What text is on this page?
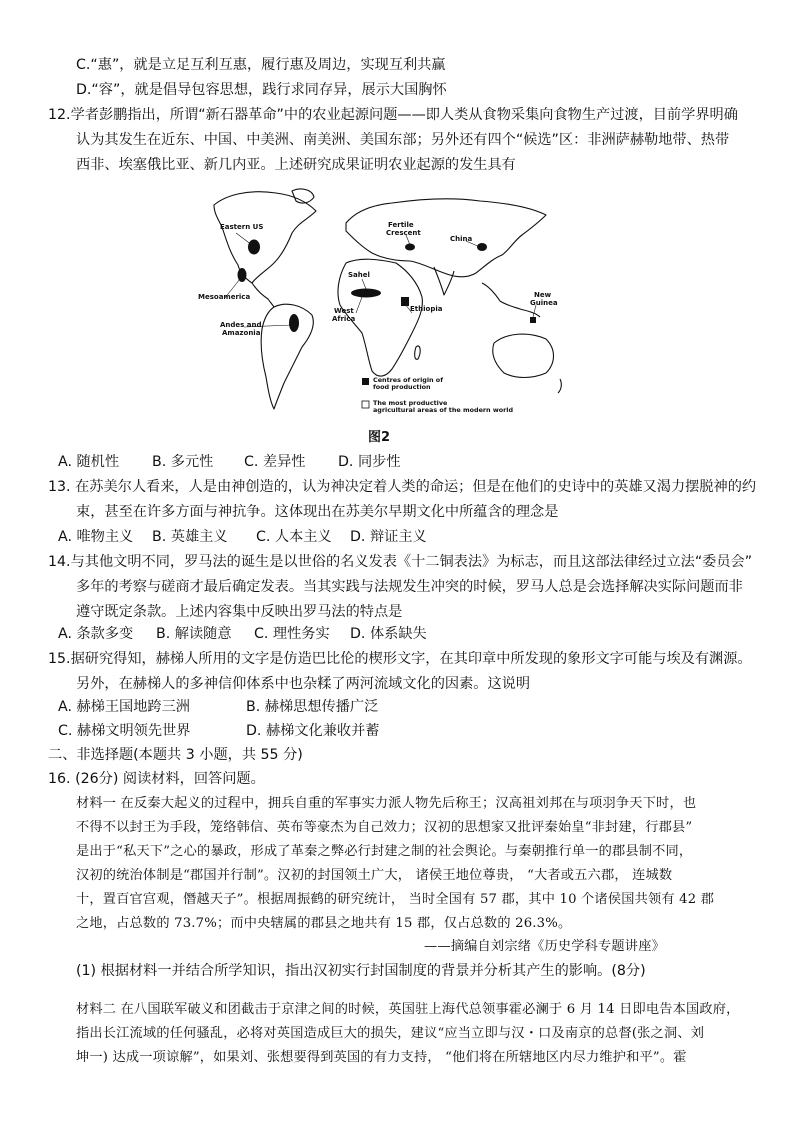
C.“惠”，就是立足互利互惠，履行惠及周边，实现互利共赢
D.“容”，就是倡导包容思想，践行求同存异，展示大国胸怀
12.学者彭鹏指出，所谓“新石器革命”中的农业起源问题——即人类从食物采集向食物生产过渡，目前学界明确
认为其发生在近东、中国、中美洲、南美洲、美国东部；另外还有四个“候选”区：非洲萨赫勒地带、热带
西非、埃塞俄比亚、新几内亚。上述研究成果证明农业起源的发生具有
Eastern US	Fertile
Crescent
China
Sahel
Mesoamerica
West
Africa
Ethiopia
New
Guinea
Andes and
Amazonia
Centres of origin of
food production
The most productive
agricultural areas of the modern world
图2
A. 随机性 B. 多元性 C. 差异性 D. 同步性
13. 在苏美尔人看来，人是由神创造的，认为神决定着人类的命运；但是在他们的史诗中的英雄又渴力摆脱神的约
束，甚至在许多方面与神抗争。这体现出在苏美尔早期文化中所蕴含的理念是
A. 唯物主义 B. 英雄主义 C. 人本主义 D. 辩证主义
14.与其他文明不同，罗马法的诞生是以世俗的名义发表《十二铜表法》为标志，而且这部法律经过立法“委员会”
多年的考察与磋商才最后确定发表。当其实践与法规发生冲突的时候，罗马人总是会选择解决实际问题而非
遵守既定条款。上述内容集中反映出罗马法的特点是
A. 条款多变 B. 解读随意 C. 理性务实 D. 体系缺失
15.据研究得知，赫梯人所用的文字是仿造巴比伦的楔形文字，在其印章中所发现的象形文字可能与埃及有渊源。
另外，在赫梯人的多神信仰体系中也杂糅了两河流域文化的因素。这说明
A. 赫梯王国地跨三洲	B. 赫梯思想传播广泛
C. 赫梯文明领先世界	D. 赫梯文化兼收并蓄
二、非选择题(本题共 3 小题，共 55 分)
16. (26分) 阅读材料，回答问题。
材料一 在反秦大起义的过程中，拥兵自重的军事实力派人物先后称王；汉高祖刘邦在与项羽争天下时，也
不得不以封王为手段，笼络韩信、英布等豪杰为自己效力；汉初的思想家又批评秦始皇“非封建，行郡县”
是出于“私天下”之心的暴政，形成了革秦之弊必行封建之制的社会舆论。与秦朝推行单一的郡县制不同，
汉初的统治体制是“郡国并行制”。汉初的封国领土广大， 诸侯王地位尊贵， “大者或五六郡， 连城数
十，置百官宫观，僭越天子”。根据周振鹤的研究统计， 当时全国有 57 郡，其中 10 个诸侯国共领有 42 郡
之地，占总数的 73.7%；而中央辖属的郡县之地共有 15 郡，仅占总数的 26.3%。
——摘编自刘宗绪《历史学科专题讲座》
(1) 根据材料一并结合所学知识，指出汉初实行封国制度的背景并分析其产生的影响。(8分)
材料二 在八国联军破义和团截击于京津之间的时候，英国驻上海代总领事霍必澜于 6 月 14 日即电告本国政府，
指出长江流域的任何骚乱，必将对英国造成巨大的损失，建议“应当立即与汉・口及南京的总督(张之洞、刘
坤一) 达成一项谅解”，如果刘、张想要得到英国的有力支持， “他们将在所辖地区内尽力维护和平”。霍
